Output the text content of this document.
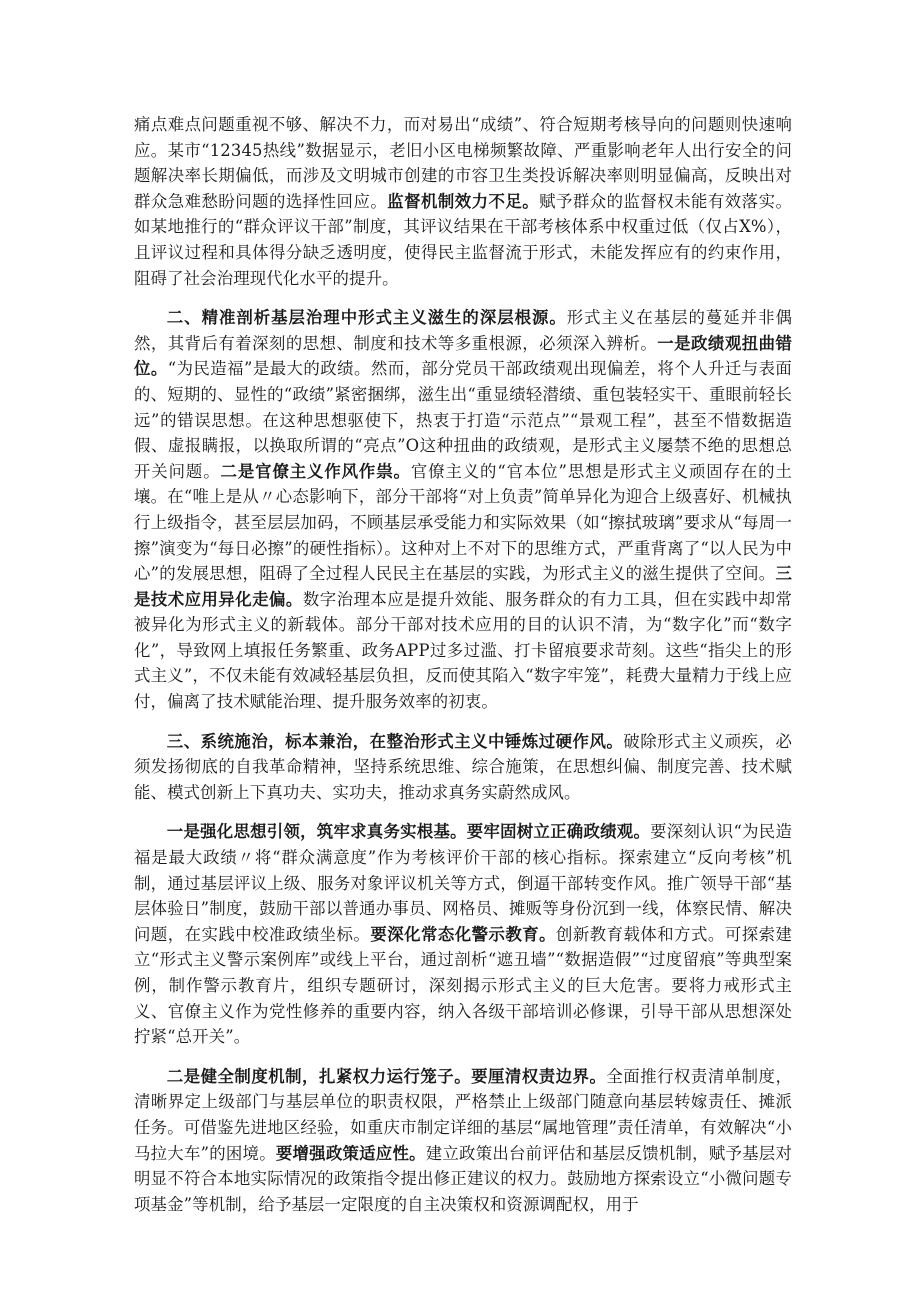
痛点难点问题重视不够、解决不力，而对易出“成绩”、符合短期考核导向的问题则快速响应。某市“12345热线”数据显示，老旧小区电梯频繁故障、严重影响老年人出行安全的问题解决率长期偏低，而涉及文明城市创建的市容卫生类投诉解决率则明显偏高，反映出对群众急难愁盼问题的选择性回应。监督机制效力不足。赋予群众的监督权未能有效落实。如某地推行的“群众评议干部”制度，其评议结果在干部考核体系中权重过低（仅占X%），且评议过程和具体得分缺乏透明度，使得民主监督流于形式，未能发挥应有的约束作用，阻碍了社会治理现代化水平的提升。

二、精准剖析基层治理中形式主义滋生的深层根源。形式主义在基层的蔓延并非偶然，其背后有着深刻的思想、制度和技术等多重根源，必须深入辨析。一是政绩观扭曲错位。“为民造福”是最大的政绩。然而，部分党员干部政绩观出现偏差，将个人升迁与表面的、短期的、显性的“政绩”紧密捆绑，滋生出“重显绩轻潜绩、重包装轻实干、重眼前轻长远”的错误思想。在这种思想驱使下，热衷于打造“示范点”“景观工程”，甚至不惜数据造假、虚报瞒报，以换取所谓的“亮点”O这种扭曲的政绩观，是形式主义屡禁不绝的思想总开关问题。二是官僚主义作风作祟。官僚主义的“官本位”思想是形式主义顽固存在的土壤。在“唯上是从〃心态影响下，部分干部将“对上负责”简单异化为迎合上级喜好、机械执行上级指令，甚至层层加码，不顾基层承受能力和实际效果（如“擦拭玻璃”要求从“每周一擦”演变为“每日必擦”的硬性指标）。这种对上不对下的思维方式，严重背离了“以人民为中心”的发展思想，阻碍了全过程人民民主在基层的实践，为形式主义的滋生提供了空间。三是技术应用异化走偏。数字治理本应是提升效能、服务群众的有力工具，但在实践中却常被异化为形式主义的新载体。部分干部对技术应用的目的认识不清，为“数字化”而“数字化”，导致网上填报任务繁重、政务APP过多过滥、打卡留痕要求苛刻。这些“指尖上的形式主义”，不仅未能有效减轻基层负担，反而使其陷入“数字牢笼”，耗费大量精力于线上应付，偏离了技术赋能治理、提升服务效率的初衷。

三、系统施治，标本兼治，在整治形式主义中锤炼过硬作风。破除形式主义顽疾，必须发扬彻底的自我革命精神，坚持系统思维、综合施策，在思想纠偏、制度完善、技术赋能、模式创新上下真功夫、实功夫，推动求真务实蔚然成风。

一是强化思想引领，筑牢求真务实根基。要牢固树立正确政绩观。要深刻认识“为民造福是最大政绩〃将“群众满意度”作为考核评价干部的核心指标。探索建立“反向考核”机制，通过基层评议上级、服务对象评议机关等方式，倒逼干部转变作风。推广领导干部“基层体验日”制度，鼓励干部以普通办事员、网格员、摊贩等身份沉到一线，体察民情、解决问题，在实践中校准政绩坐标。要深化常态化警示教育。创新教育载体和方式。可探索建立“形式主义警示案例库”或线上平台，通过剖析“遮丑墙”“数据造假”“过度留痕”等典型案例，制作警示教育片，组织专题研讨，深刻揭示形式主义的巨大危害。要将力戒形式主义、官僚主义作为党性修养的重要内容，纳入各级干部培训必修课，引导干部从思想深处拧紧“总开关”。

二是健全制度机制，扎紧权力运行笼子。要厘清权责边界。全面推行权责清单制度，清晰界定上级部门与基层单位的职责权限，严格禁止上级部门随意向基层转嫁责任、摊派任务。可借鉴先进地区经验，如重庆市制定详细的基层“属地管理”责任清单，有效解决“小马拉大车”的困境。要增强政策适应性。建立政策出台前评估和基层反馈机制，赋予基层对明显不符合本地实际情况的政策指令提出修正建议的权力。鼓励地方探索设立“小微问题专项基金”等机制，给予基层一定限度的自主决策权和资源调配权，用于
